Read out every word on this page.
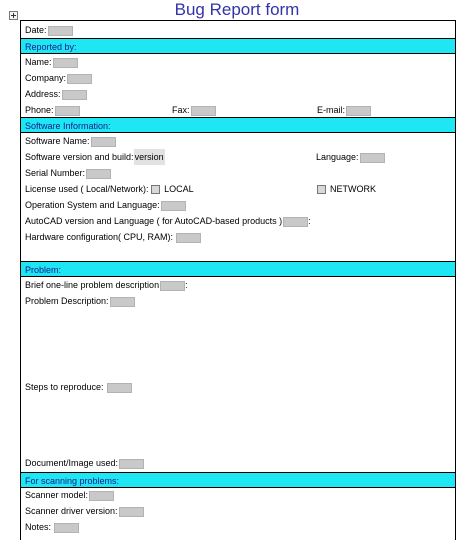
Bug Report form
Date:
Reported by:
Name:
Company:
Address:
Phone:	Fax:	E-mail:
Software Information:
Software Name:
Software version and build:version	Language:
Serial Number:
License used ( Local/Network): LOCAL	NETWORK
Operation System and Language:
AutoCAD version and Language ( for AutoCAD-based products )	:
Hardware configuration( CPU, RAM):
Problem:
Brief one-line problem description	:
Problem Description:
Steps to reproduce:
Document/Image used:
For scanning problems:
Scanner model:
Scanner driver version:
Notes:
